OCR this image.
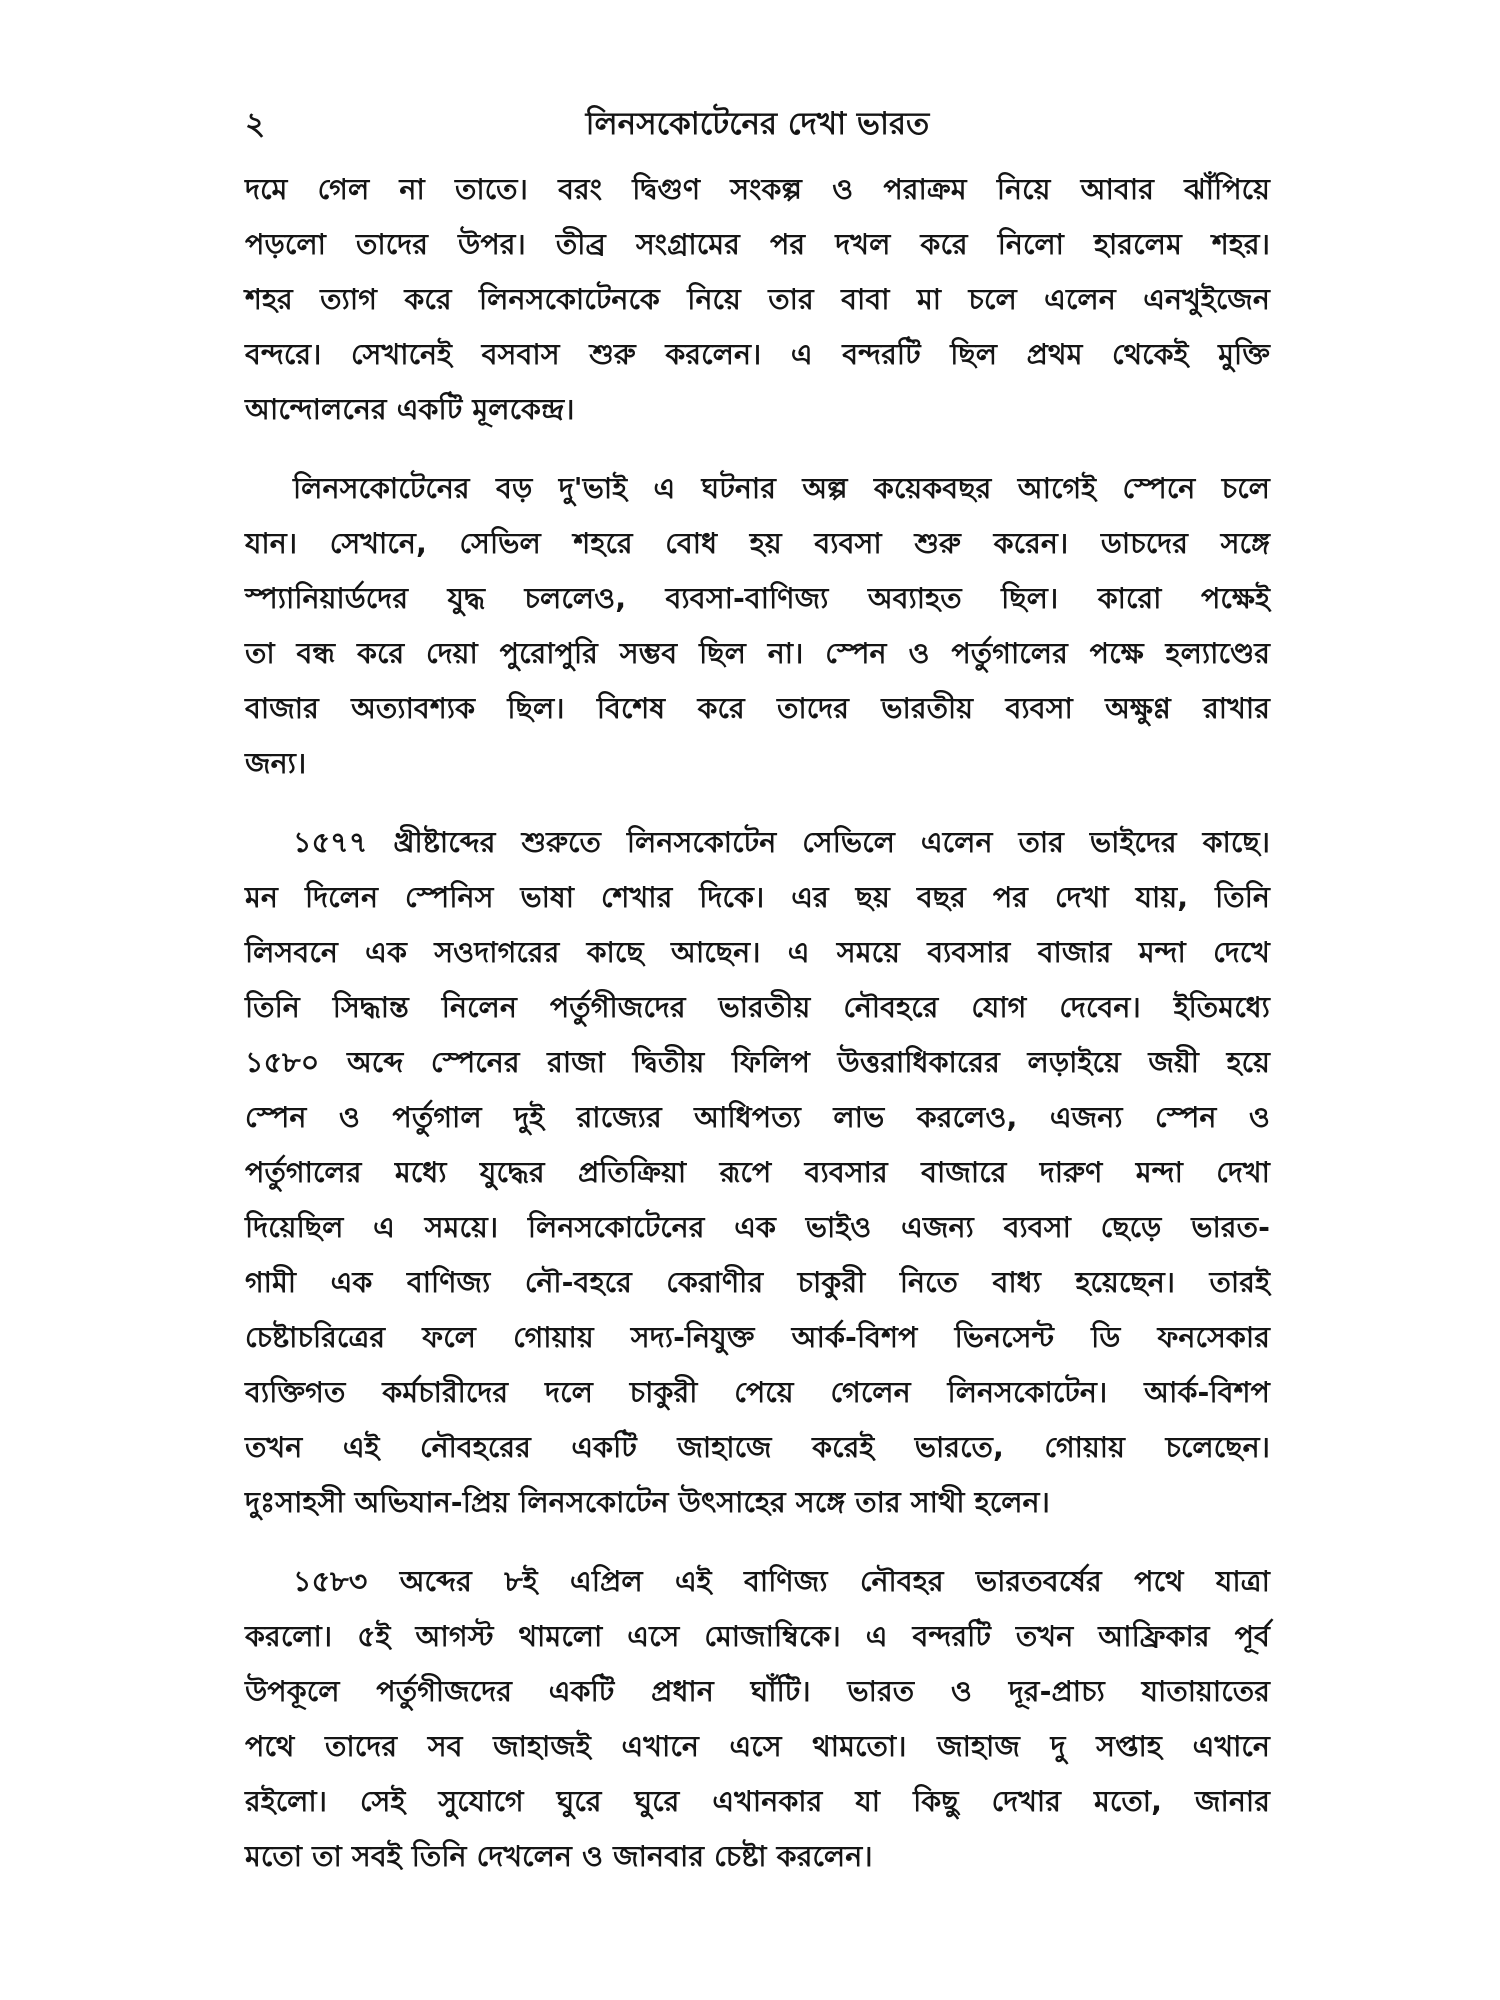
২	লিনসকোটেনের দেখা ভারত
দমে গেল না তাতে। বরং দ্বিগুণ সংকল্প ও পরাক্রম নিয়ে আবার ঝাঁপিয়ে
পড়লো তাদের উপর। তীব্র সংগ্রামের পর দখল করে নিলো হারলেম শহর।
শহর ত্যাগ করে লিনসকোটেনকে নিয়ে তার বাবা মা চলে এলেন এনখুইজেন
বন্দরে। সেখানেই বসবাস শুরু করলেন। এ বন্দরটি ছিল প্রথম থেকেই মুক্তি
আন্দোলনের একটি মূলকেন্দ্র।
লিনসকোটেনের বড় দু'ভাই এ ঘটনার অল্প কয়েকবছর আগেই স্পেনে চলে
যান। সেখানে, সেভিল শহরে বোধ হয় ব্যবসা শুরু করেন। ডাচদের সঙ্গে
স্প্যানিয়ার্ডদের যুদ্ধ চললেও, ব্যবসা-বাণিজ্য অব্যাহত ছিল। কারো পক্ষেই
তা বন্ধ করে দেয়া পুরোপুরি সম্ভব ছিল না। স্পেন ও পর্তুগালের পক্ষে হল্যাণ্ডের
বাজার অত্যাবশ্যক ছিল। বিশেষ করে তাদের ভারতীয় ব্যবসা অক্ষুণ্ণ রাখার
জন্য।
১৫৭৭ খ্রীষ্টাব্দের শুরুতে লিনসকোটেন সেভিলে এলেন তার ভাইদের কাছে।
মন দিলেন স্পেনিস ভাষা শেখার দিকে। এর ছয় বছর পর দেখা যায়, তিনি
লিসবনে এক সওদাগরের কাছে আছেন। এ সময়ে ব্যবসার বাজার মন্দা দেখে
তিনি সিদ্ধান্ত নিলেন পর্তুগীজদের ভারতীয় নৌবহরে যোগ দেবেন। ইতিমধ্যে
১৫৮০ অব্দে স্পেনের রাজা দ্বিতীয় ফিলিপ উত্তরাধিকারের লড়াইয়ে জয়ী হয়ে
স্পেন ও পর্তুগাল দুই রাজ্যের আধিপত্য লাভ করলেও, এজন্য স্পেন ও
পর্তুগালের মধ্যে যুদ্ধের প্রতিক্রিয়া রূপে ব্যবসার বাজারে দারুণ মন্দা দেখা
দিয়েছিল এ সময়ে। লিনসকোটেনের এক ভাইও এজন্য ব্যবসা ছেড়ে ভারত-
গামী এক বাণিজ্য নৌ-বহরে কেরাণীর চাকুরী নিতে বাধ্য হয়েছেন। তারই
চেষ্টাচরিত্রের ফলে গোয়ায় সদ্য-নিযুক্ত আর্ক-বিশপ ভিনসেন্ট ডি ফনসেকার
ব্যক্তিগত কর্মচারীদের দলে চাকুরী পেয়ে গেলেন লিনসকোটেন। আর্ক-বিশপ
তখন এই নৌবহরের একটি জাহাজে করেই ভারতে, গোয়ায় চলেছেন।
দুঃসাহসী অভিযান-প্রিয় লিনসকোটেন উৎসাহের সঙ্গে তার সাথী হলেন।
১৫৮৩ অব্দের ৮ই এপ্রিল এই বাণিজ্য নৌবহর ভারতবর্ষের পথে যাত্রা
করলো। ৫ই আগস্ট থামলো এসে মোজাম্বিকে। এ বন্দরটি তখন আফ্রিকার পূর্ব
উপকূলে পর্তুগীজদের একটি প্রধান ঘাঁটি। ভারত ও দূর-প্রাচ্য যাতায়াতের
পথে তাদের সব জাহাজই এখানে এসে থামতো। জাহাজ দু সপ্তাহ এখানে
রইলো। সেই সুযোগে ঘুরে ঘুরে এখানকার যা কিছু দেখার মতো, জানার
মতো তা সবই তিনি দেখলেন ও জানবার চেষ্টা করলেন।
